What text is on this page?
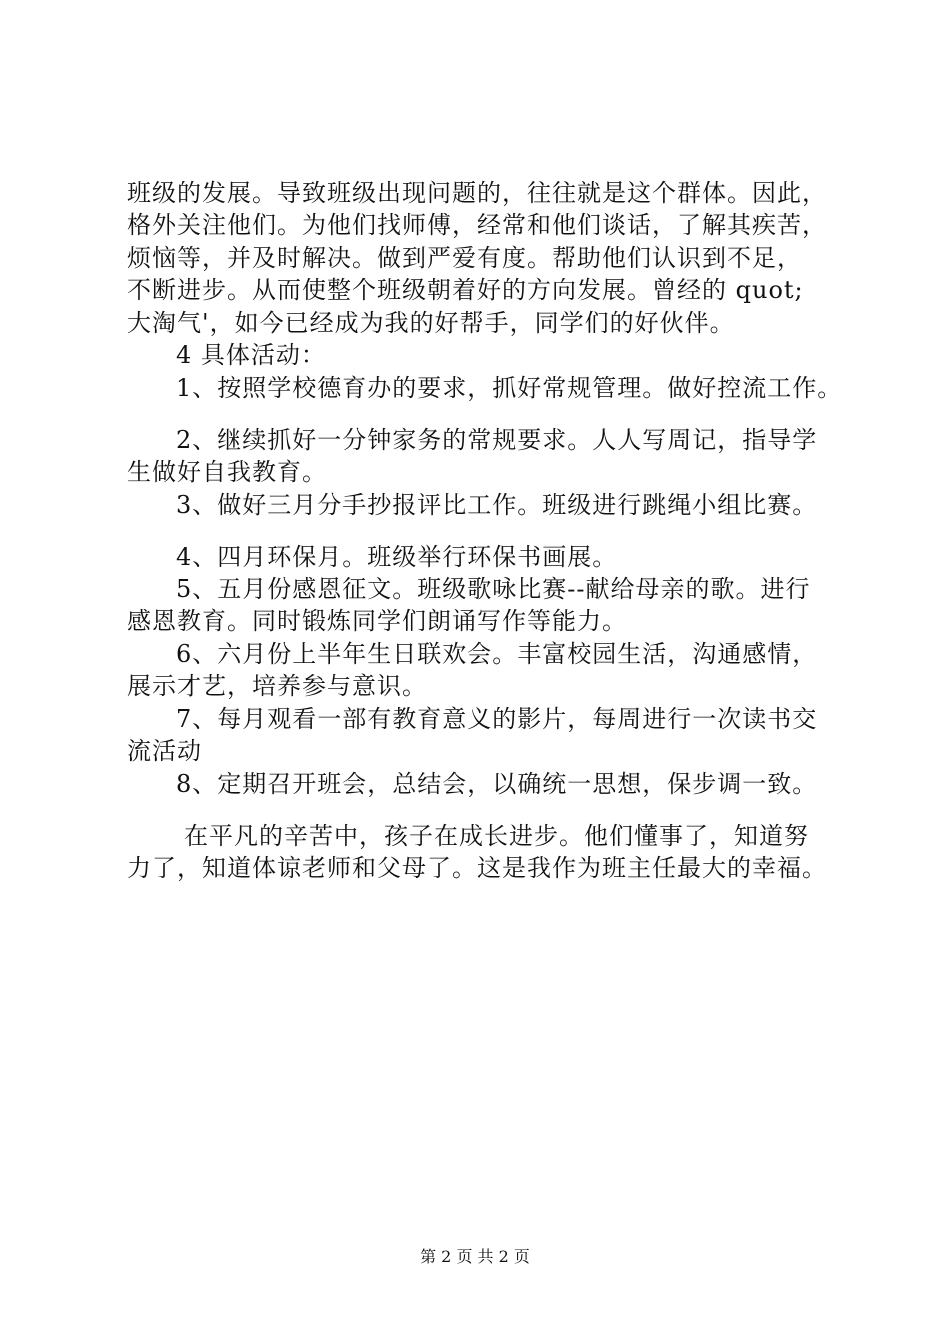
班级的发展。导致班级出现问题的，往往就是这个群体。因此，
格外关注他们。为他们找师傅，经常和他们谈话，了解其疾苦，
烦恼等，并及时解决。做到严爱有度。帮助他们认识到不足，
不断进步。从而使整个班级朝着好的方向发展。曾经的 quot;
大淘气'，如今已经成为我的好帮手，同学们的好伙伴。
4 具体活动：
1、按照学校德育办的要求，抓好常规管理。做好控流工作。
2、继续抓好一分钟家务的常规要求。人人写周记，指导学
生做好自我教育。
3、做好三月分手抄报评比工作。班级进行跳绳小组比赛。
4、四月环保月。班级举行环保书画展。
5、五月份感恩征文。班级歌咏比赛--献给母亲的歌。进行
感恩教育。同时锻炼同学们朗诵写作等能力。
6、六月份上半年生日联欢会。丰富校园生活，沟通感情，
展示才艺，培养参与意识。
7、每月观看一部有教育意义的影片，每周进行一次读书交
流活动
8、定期召开班会，总结会，以确统一思想，保步调一致。
在平凡的辛苦中，孩子在成长进步。他们懂事了，知道努
力了，知道体谅老师和父母了。这是我作为班主任最大的幸福。
第 2 页 共 2 页
